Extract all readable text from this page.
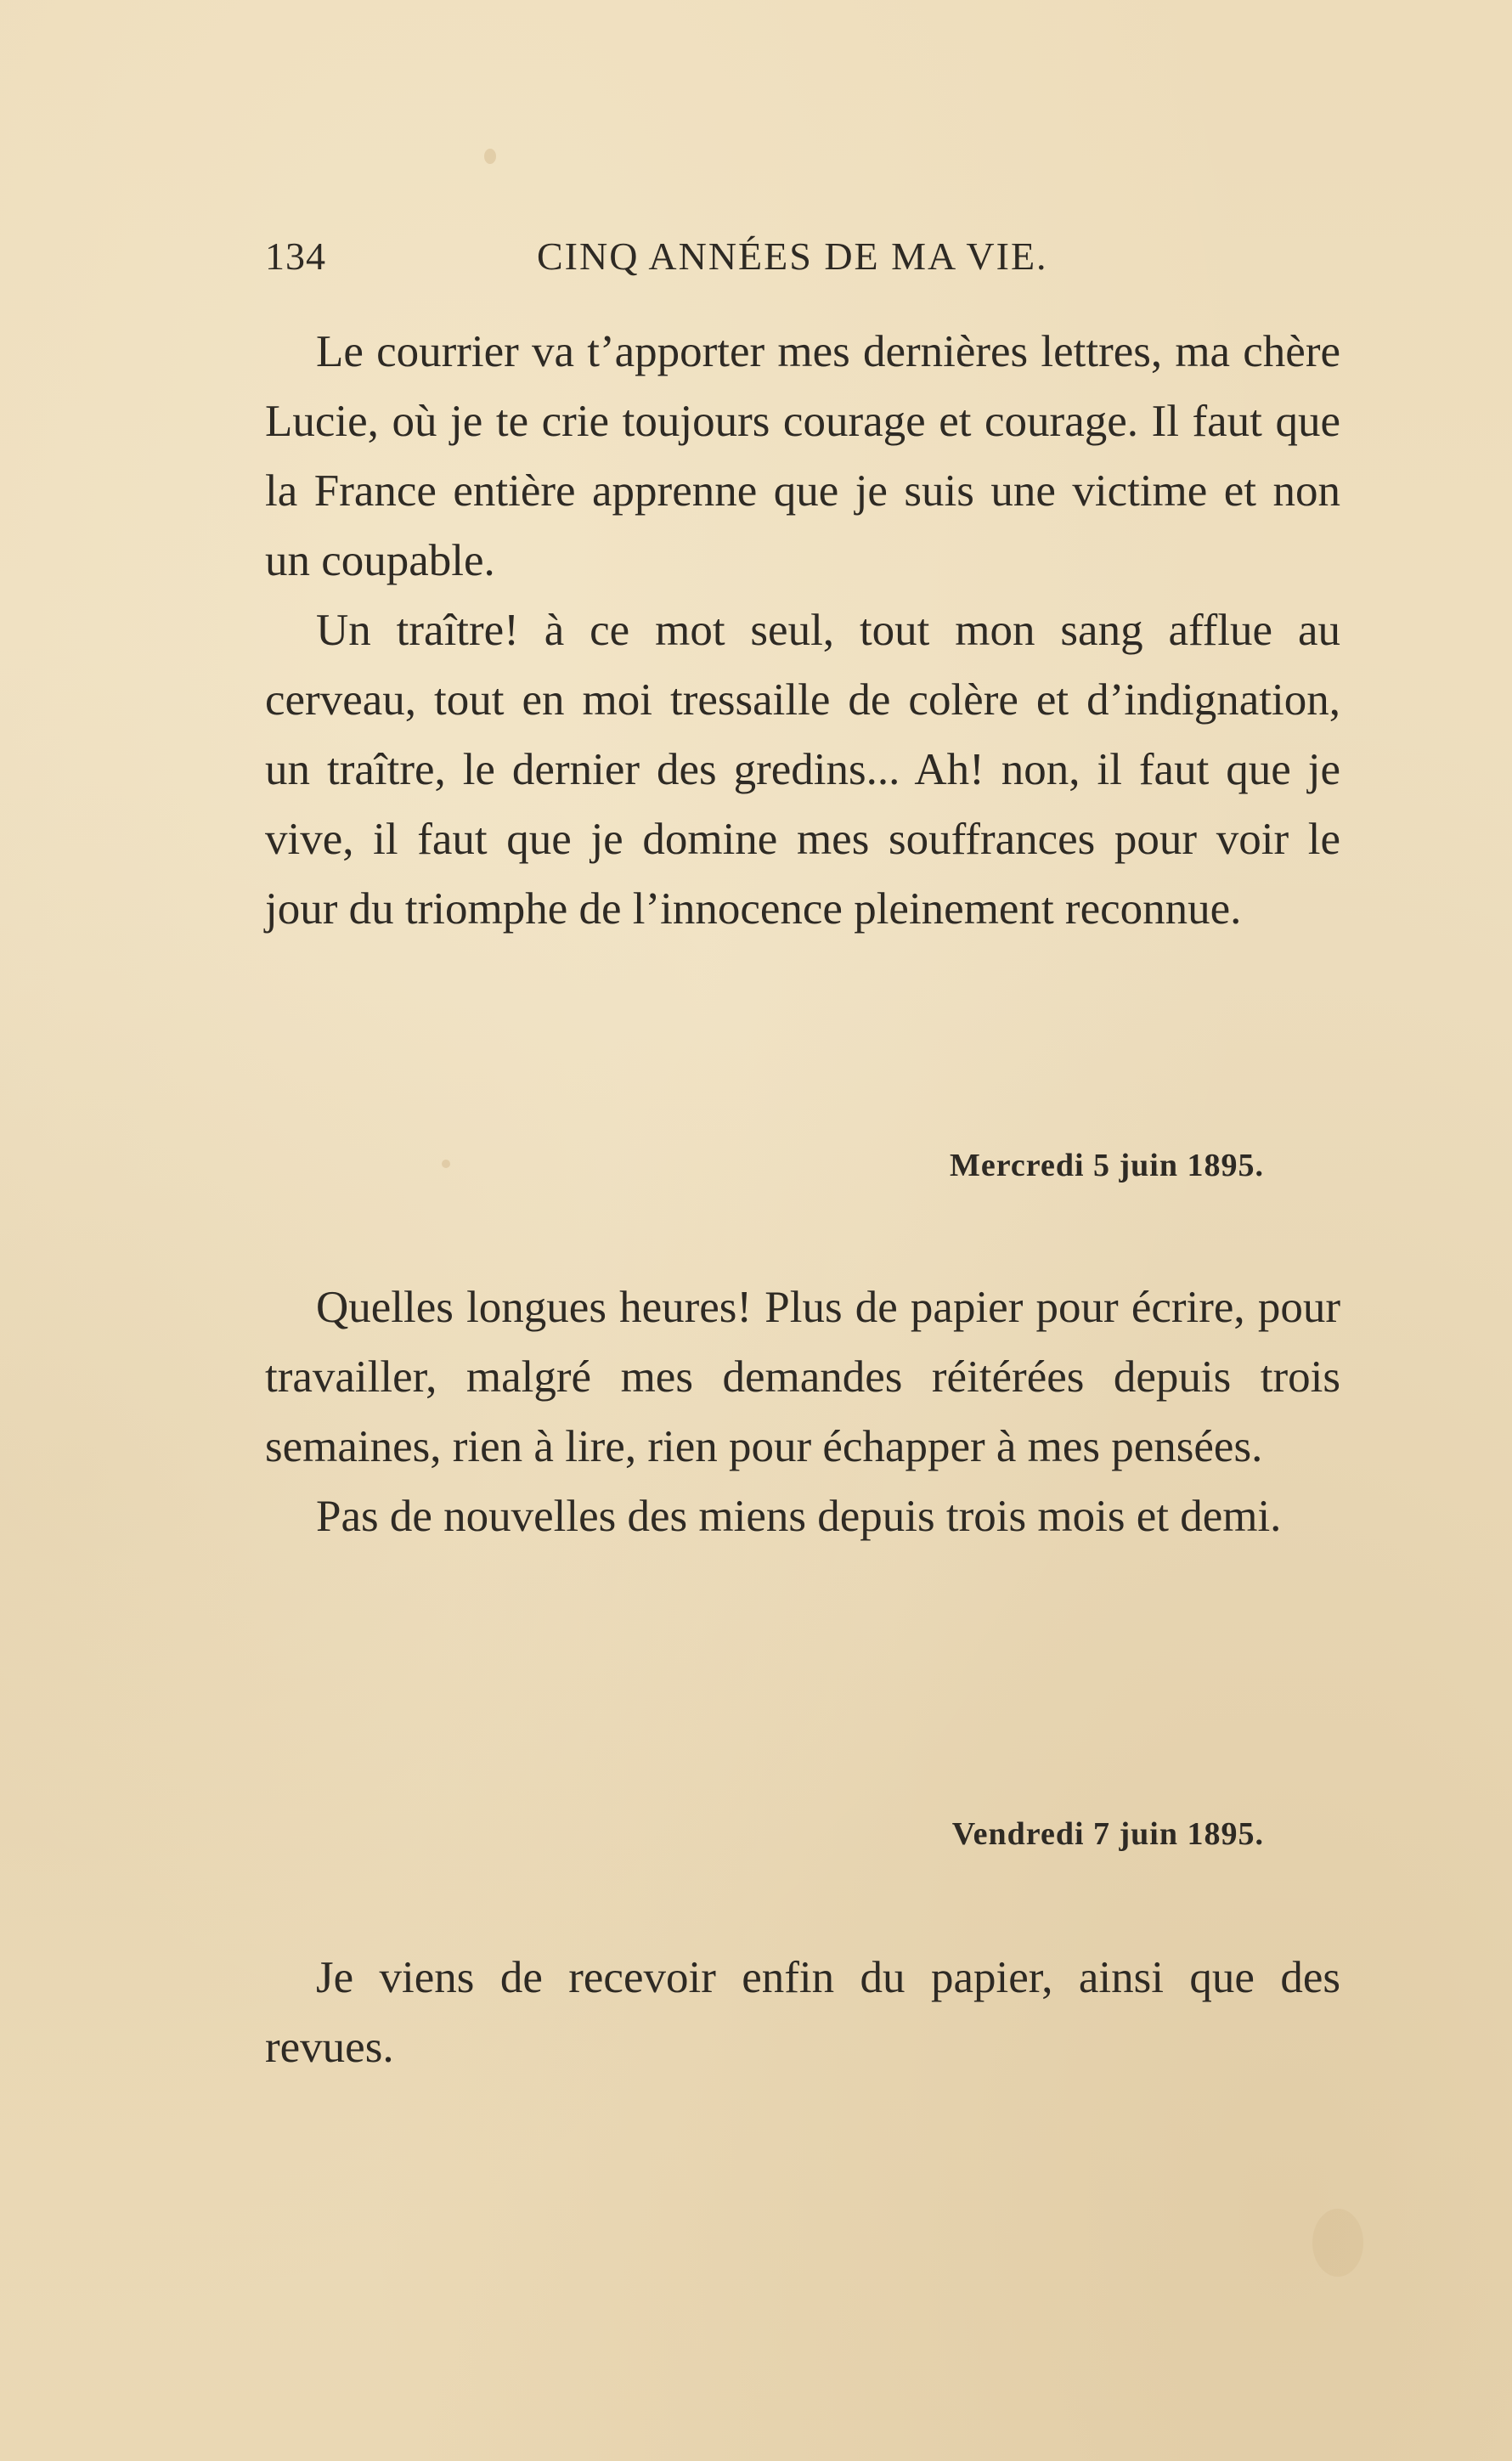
134	CINQ ANNÉES DE MA VIE.

Le courrier va t’apporter mes dernières lettres, ma chère Lucie, où je te crie toujours courage et courage. Il faut que la France entière apprenne que je suis une victime et non un coupable.

Un traître! à ce mot seul, tout mon sang afflue au cerveau, tout en moi tressaille de colère et d’indignation, un traître, le dernier des gredins... Ah! non, il faut que je vive, il faut que je domine mes souffrances pour voir le jour du triomphe de l’innocence pleinement reconnue.

Mercredi 5 juin 1895.

Quelles longues heures! Plus de papier pour écrire, pour travailler, malgré mes demandes réitérées depuis trois semaines, rien à lire, rien pour échapper à mes pensées.

Pas de nouvelles des miens depuis trois mois et demi.

Vendredi 7 juin 1895.

Je viens de recevoir enfin du papier, ainsi que des revues.
